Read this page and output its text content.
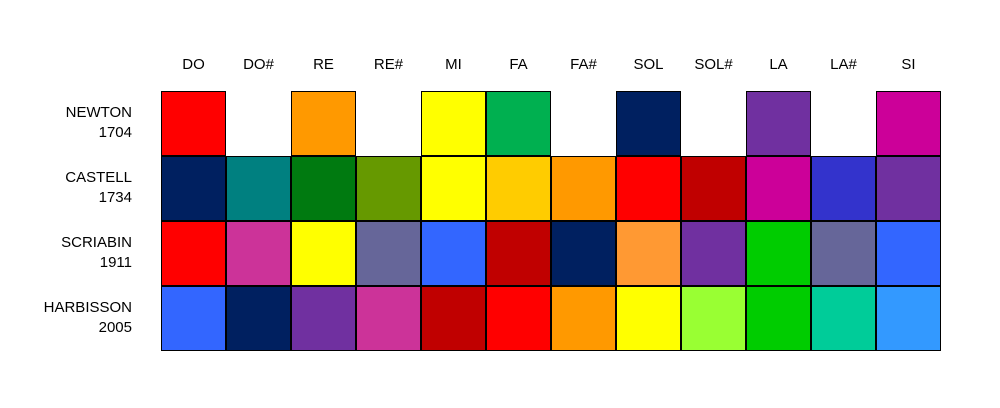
DO	DO#	RE	RE#	MI	FA	FA#	SOL	SOL#	LA	LA#	SI
NEWTON
1704
CASTELL
1734
SCRIABIN
1911
HARBISSON
2005
